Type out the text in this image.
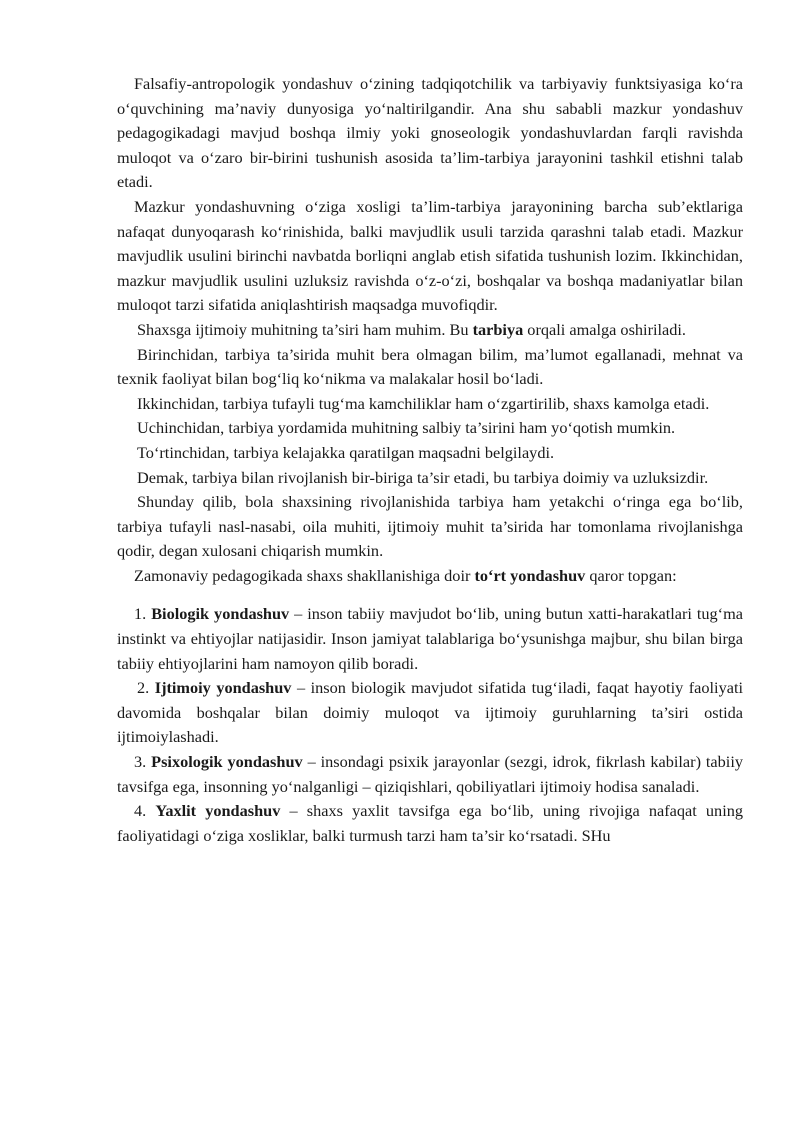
Falsafiy-antropologik yondashuv o‘zining tadqiqotchilik va tarbiyaviy funktsiyasiga ko‘ra o‘quvchining ma’naviy dunyosiga yo‘naltirilgandir. Ana shu sababli mazkur yondashuv pedagogikadagi mavjud boshqa ilmiy yoki gnoseologik yondashuvlardan farqli ravishda muloqot va o‘zaro bir-birini tushunish asosida ta’lim-tarbiya jarayonini tashkil etishni talab etadi.

Mazkur yondashuvning o‘ziga xosligi ta’lim-tarbiya jarayonining barcha sub’ektlariga nafaqat dunyoqarash ko‘rinishida, balki mavjudlik usuli tarzida qarashni talab etadi. Mazkur mavjudlik usulini birinchi navbatda borliqni anglab etish sifatida tushunish lozim. Ikkinchidan, mazkur mavjudlik usulini uzluksiz ravishda o‘z-o‘zi, boshqalar va boshqa madaniyatlar bilan muloqot tarzi sifatida aniqlashtirish maqsadga muvofiqdir.

Shaxsga ijtimoiy muhitning ta’siri ham muhim. Bu tarbiya orqali amalga oshiriladi.

Birinchidan, tarbiya ta’sirida muhit bera olmagan bilim, ma’lumot egallanadi, mehnat va texnik faoliyat bilan bog‘liq ko‘nikma va malakalar hosil bo‘ladi.

Ikkinchidan, tarbiya tufayli tug‘ma kamchiliklar ham o‘zgartirilib, shaxs kamolga etadi.

Uchinchidan, tarbiya yordamida muhitning salbiy ta’sirini ham yo‘qotish mumkin.

To‘rtinchidan, tarbiya kelajakka qaratilgan maqsadni belgilaydi.

Demak, tarbiya bilan rivojlanish bir-biriga ta’sir etadi, bu tarbiya doimiy va uzluksizdir.

Shunday qilib, bola shaxsining rivojlanishida tarbiya ham yetakchi o‘ringa ega bo‘lib, tarbiya tufayli nasl-nasabi, oila muhiti, ijtimoiy muhit ta’sirida har tomonlama rivojlanishga qodir, degan xulosani chiqarish mumkin.

Zamonaviy pedagogikada shaxs shakllanishiga doir to‘rt yondashuv qaror topgan:

1. Biologik yondashuv – inson tabiiy mavjudot bo‘lib, uning butun xatti-harakatlari tug‘ma instinkt va ehtiyojlar natijasidir. Inson jamiyat talablariga bo‘ysunishga majbur, shu bilan birga tabiiy ehtiyojlarini ham namoyon qilib boradi.

2. Ijtimoiy yondashuv – inson biologik mavjudot sifatida tug‘iladi, faqat hayotiy faoliyati davomida boshqalar bilan doimiy muloqot va ijtimoiy guruhlarning ta’siri ostida ijtimoiylashadi.

3. Psixologik yondashuv – insondagi psixik jarayonlar (sezgi, idrok, fikrlash kabilar) tabiiy tavsifga ega, insonning yo‘nalganligi – qiziqishlari, qobiliyatlari ijtimoiy hodisa sanaladi.

4. Yaxlit yondashuv – shaxs yaxlit tavsifga ega bo‘lib, uning rivojiga nafaqat uning faoliyatidagi o‘ziga xosliklar, balki turmush tarzi ham ta’sir ko‘rsatadi. SHu
